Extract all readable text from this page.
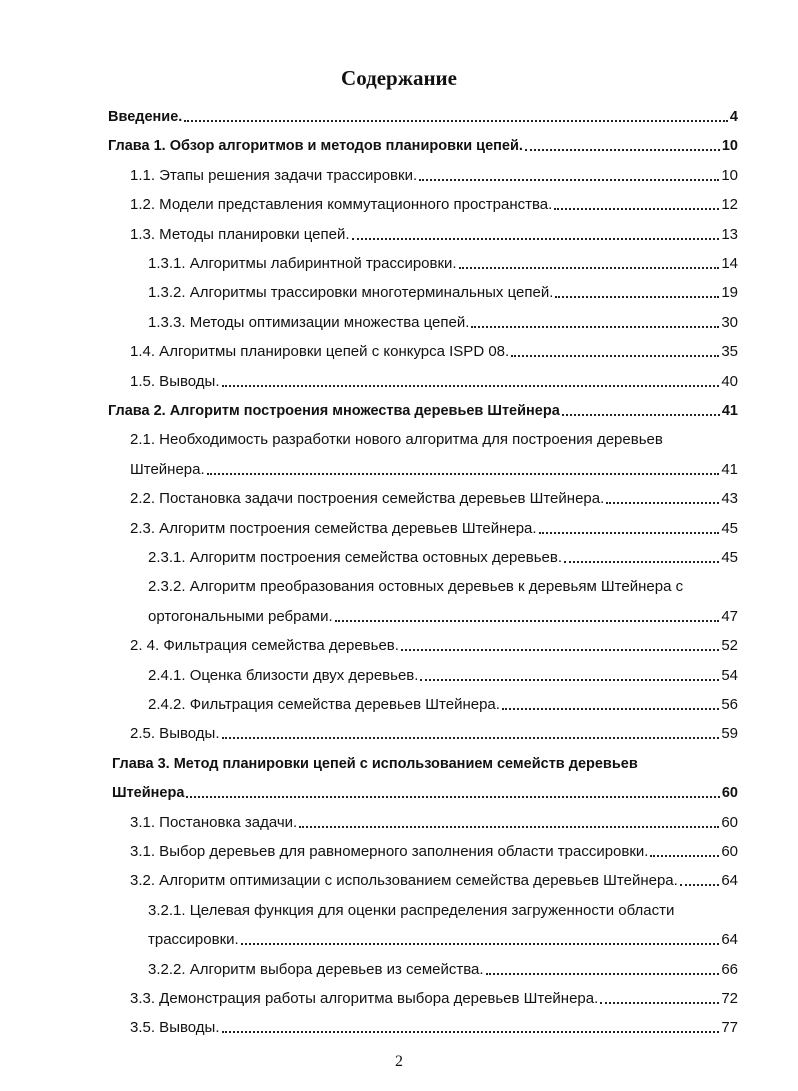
Содержание
Введение.	4
Глава 1. Обзор алгоритмов и методов планировки цепей.	10
1.1. Этапы решения задачи трассировки.	10
1.2. Модели представления коммутационного пространства.	12
1.3. Методы планировки цепей.	13
1.3.1. Алгоритмы лабиринтной трассировки.	14
1.3.2. Алгоритмы трассировки многотерминальных цепей.	19
1.3.3. Методы оптимизации множества цепей.	30
1.4. Алгоритмы планировки цепей с конкурса ISPD 08.	35
1.5. Выводы.	40
Глава 2. Алгоритм построения множества деревьев Штейнера	41
2.1. Необходимость разработки нового алгоритма для построения деревьев
Штейнера.	41
2.2. Постановка задачи построения семейства деревьев Штейнера.	43
2.3. Алгоритм построения семейства деревьев Штейнера.	45
2.3.1. Алгоритм построения семейства остовных деревьев.	45
2.3.2. Алгоритм преобразования остовных деревьев к деревьям Штейнера с
ортогональными ребрами.	47
2. 4. Фильтрация семейства деревьев.	52
2.4.1. Оценка близости двух деревьев.	54
2.4.2. Фильтрация семейства деревьев Штейнера.	56
2.5. Выводы.	59
Глава 3. Метод планировки цепей с использованием семейств деревьев
Штейнера	60
3.1. Постановка задачи.	60
3.1. Выбор деревьев для равномерного заполнения области трассировки.	60
3.2. Алгоритм оптимизации с использованием семейства деревьев Штейнера.	64
3.2.1. Целевая функция для оценки распределения загруженности области
трассировки.	64
3.2.2. Алгоритм выбора деревьев из семейства.	66
3.3. Демонстрация работы алгоритма выбора деревьев Штейнера.	72
3.5. Выводы.	77
2
